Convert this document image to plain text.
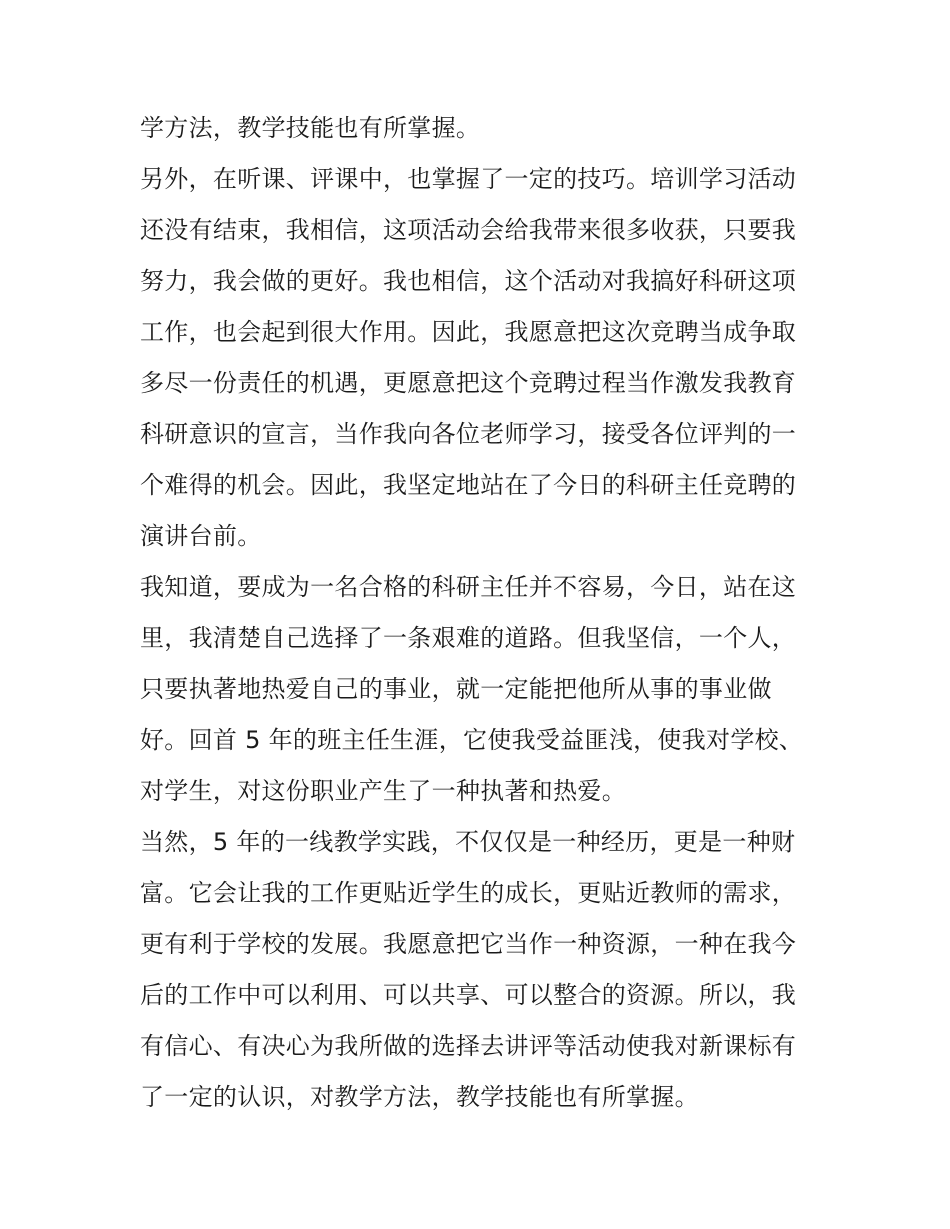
学方法，教学技能也有所掌握。
另外，在听课、评课中，也掌握了一定的技巧。培训学习活动
还没有结束，我相信，这项活动会给我带来很多收获，只要我
努力，我会做的更好。我也相信，这个活动对我搞好科研这项
工作，也会起到很大作用。因此，我愿意把这次竞聘当成争取
多尽一份责任的机遇，更愿意把这个竞聘过程当作激发我教育
科研意识的宣言，当作我向各位老师学习，接受各位评判的一
个难得的机会。因此，我坚定地站在了今日的科研主任竞聘的
演讲台前。
我知道，要成为一名合格的科研主任并不容易，今日，站在这
里，我清楚自己选择了一条艰难的道路。但我坚信，一个人，
只要执著地热爱自己的事业，就一定能把他所从事的事业做
好。回首 5 年的班主任生涯，它使我受益匪浅，使我对学校、
对学生，对这份职业产生了一种执著和热爱。
当然，5 年的一线教学实践，不仅仅是一种经历，更是一种财
富。它会让我的工作更贴近学生的成长，更贴近教师的需求，
更有利于学校的发展。我愿意把它当作一种资源，一种在我今
后的工作中可以利用、可以共享、可以整合的资源。所以，我
有信心、有决心为我所做的选择去讲评等活动使我对新课标有
了一定的认识，对教学方法，教学技能也有所掌握。
